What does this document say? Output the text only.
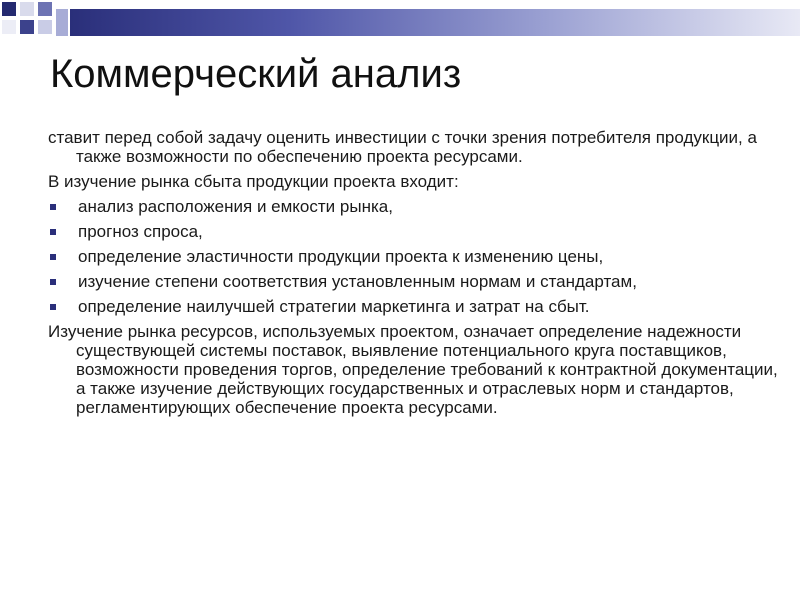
Коммерческий анализ

ставит перед собой задачу оценить инвестиции с точки зрения потребителя продукции, а также возможности по обеспечению проекта ресурсами.

В изучение рынка сбыта продукции проекта входит:

анализ расположения и емкости рынка,
прогноз спроса,
определение эластичности продукции проекта к изменению цены,
изучение степени соответствия установленным нормам и стандартам,
определение наилучшей стратегии маркетинга и затрат на сбыт.

Изучение рынка ресурсов, используемых проектом, означает определение надежности существующей системы поставок, выявление потенциального круга поставщиков, возможности проведения торгов, определение требований к контрактной документации, а также изучение действующих государственных и отраслевых норм и стандартов, регламентирующих обеспечение проекта ресурсами.
